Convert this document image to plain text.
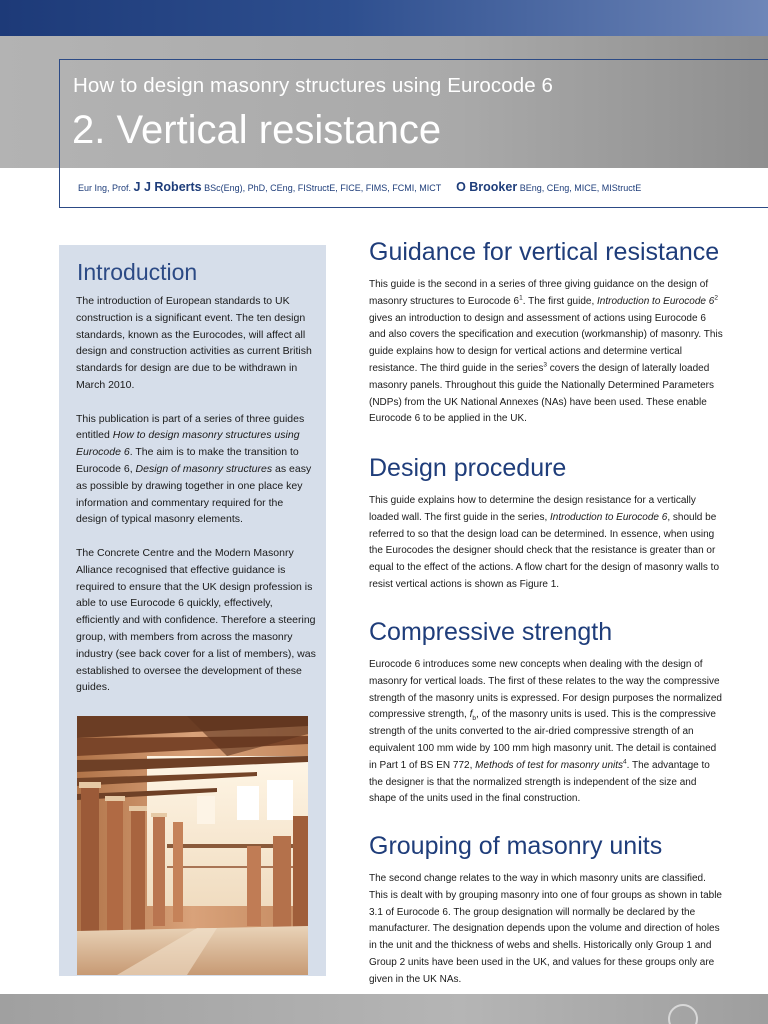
How to design masonry structures using Eurocode 6
2. Vertical resistance
Eur Ing, Prof. J J Roberts BSc(Eng), PhD, CEng, FIStructE, FICE, FIMS, FCMI, MICT O Brooker BEng, CEng, MICE, MIStructE
Introduction

The introduction of European standards to UK construction is a significant event. The ten design standards, known as the Eurocodes, will affect all design and construction activities as current British standards for design are due to be withdrawn in March 2010.

This publication is part of a series of three guides entitled How to design masonry structures using Eurocode 6. The aim is to make the transition to Eurocode 6, Design of masonry structures as easy as possible by drawing together in one place key information and commentary required for the design of typical masonry elements.

The Concrete Centre and the Modern Masonry Alliance recognised that effective guidance is required to ensure that the UK design profession is able to use Eurocode 6 quickly, effectively, efficiently and with confidence. Therefore a steering group, with members from across the masonry industry (see back cover for a list of members), was established to oversee the development of these guides.

Guidance for vertical resistance
This guide is the second in a series of three giving guidance on the design of masonry structures to Eurocode $6^1$. The first guide, Introduction to Eurocode $6^2$ gives an introduction to design and assessment of actions using Eurocode 6 and also covers the specification and execution (workmanship) of masonry. This guide explains how to design for vertical actions and determine vertical resistance. The third guide in the series$^3$ covers the design of laterally loaded masonry panels. Throughout this guide the Nationally Determined Parameters (NDPs) from the UK National Annexes (NAs) have been used. These enable Eurocode 6 to be applied in the UK.
Design procedure
This guide explains how to determine the design resistance for a vertically loaded wall. The first guide in the series, Introduction to Eurocode 6, should be referred to so that the design load can be determined. In essence, when using the Eurocodes the designer should check that the resistance is greater than or equal to the effect of the actions. A flow chart for the design of masonry walls to resist vertical actions is shown as Figure 1.
Compressive strength
Eurocode 6 introduces some new concepts when dealing with the design of masonry for vertical loads. The first of these relates to the way the compressive strength of the masonry units is expressed. For design purposes the normalized compressive strength, $f_b$, of the masonry units is used. This is the compressive strength of the units converted to the air-dried compressive strength of an equivalent 100 mm wide by 100 mm high masonry unit. The detail is contained in Part 1 of BS EN 772, Methods of test for masonry units$^4$. The advantage to the designer is that the normalized strength is independent of the size and shape of the units used in the final construction.
Grouping of masonry units
The second change relates to the way in which masonry units are classified. This is dealt with by grouping masonry into one of four groups as shown in table 3.1 of Eurocode 6. The group designation will normally be declared by the manufacturer. The designation depends upon the volume and direction of holes in the unit and the thickness of webs and shells. Historically only Group 1 and Group 2 units have been used in the UK, and values for these groups only are given in the UK NAs.
